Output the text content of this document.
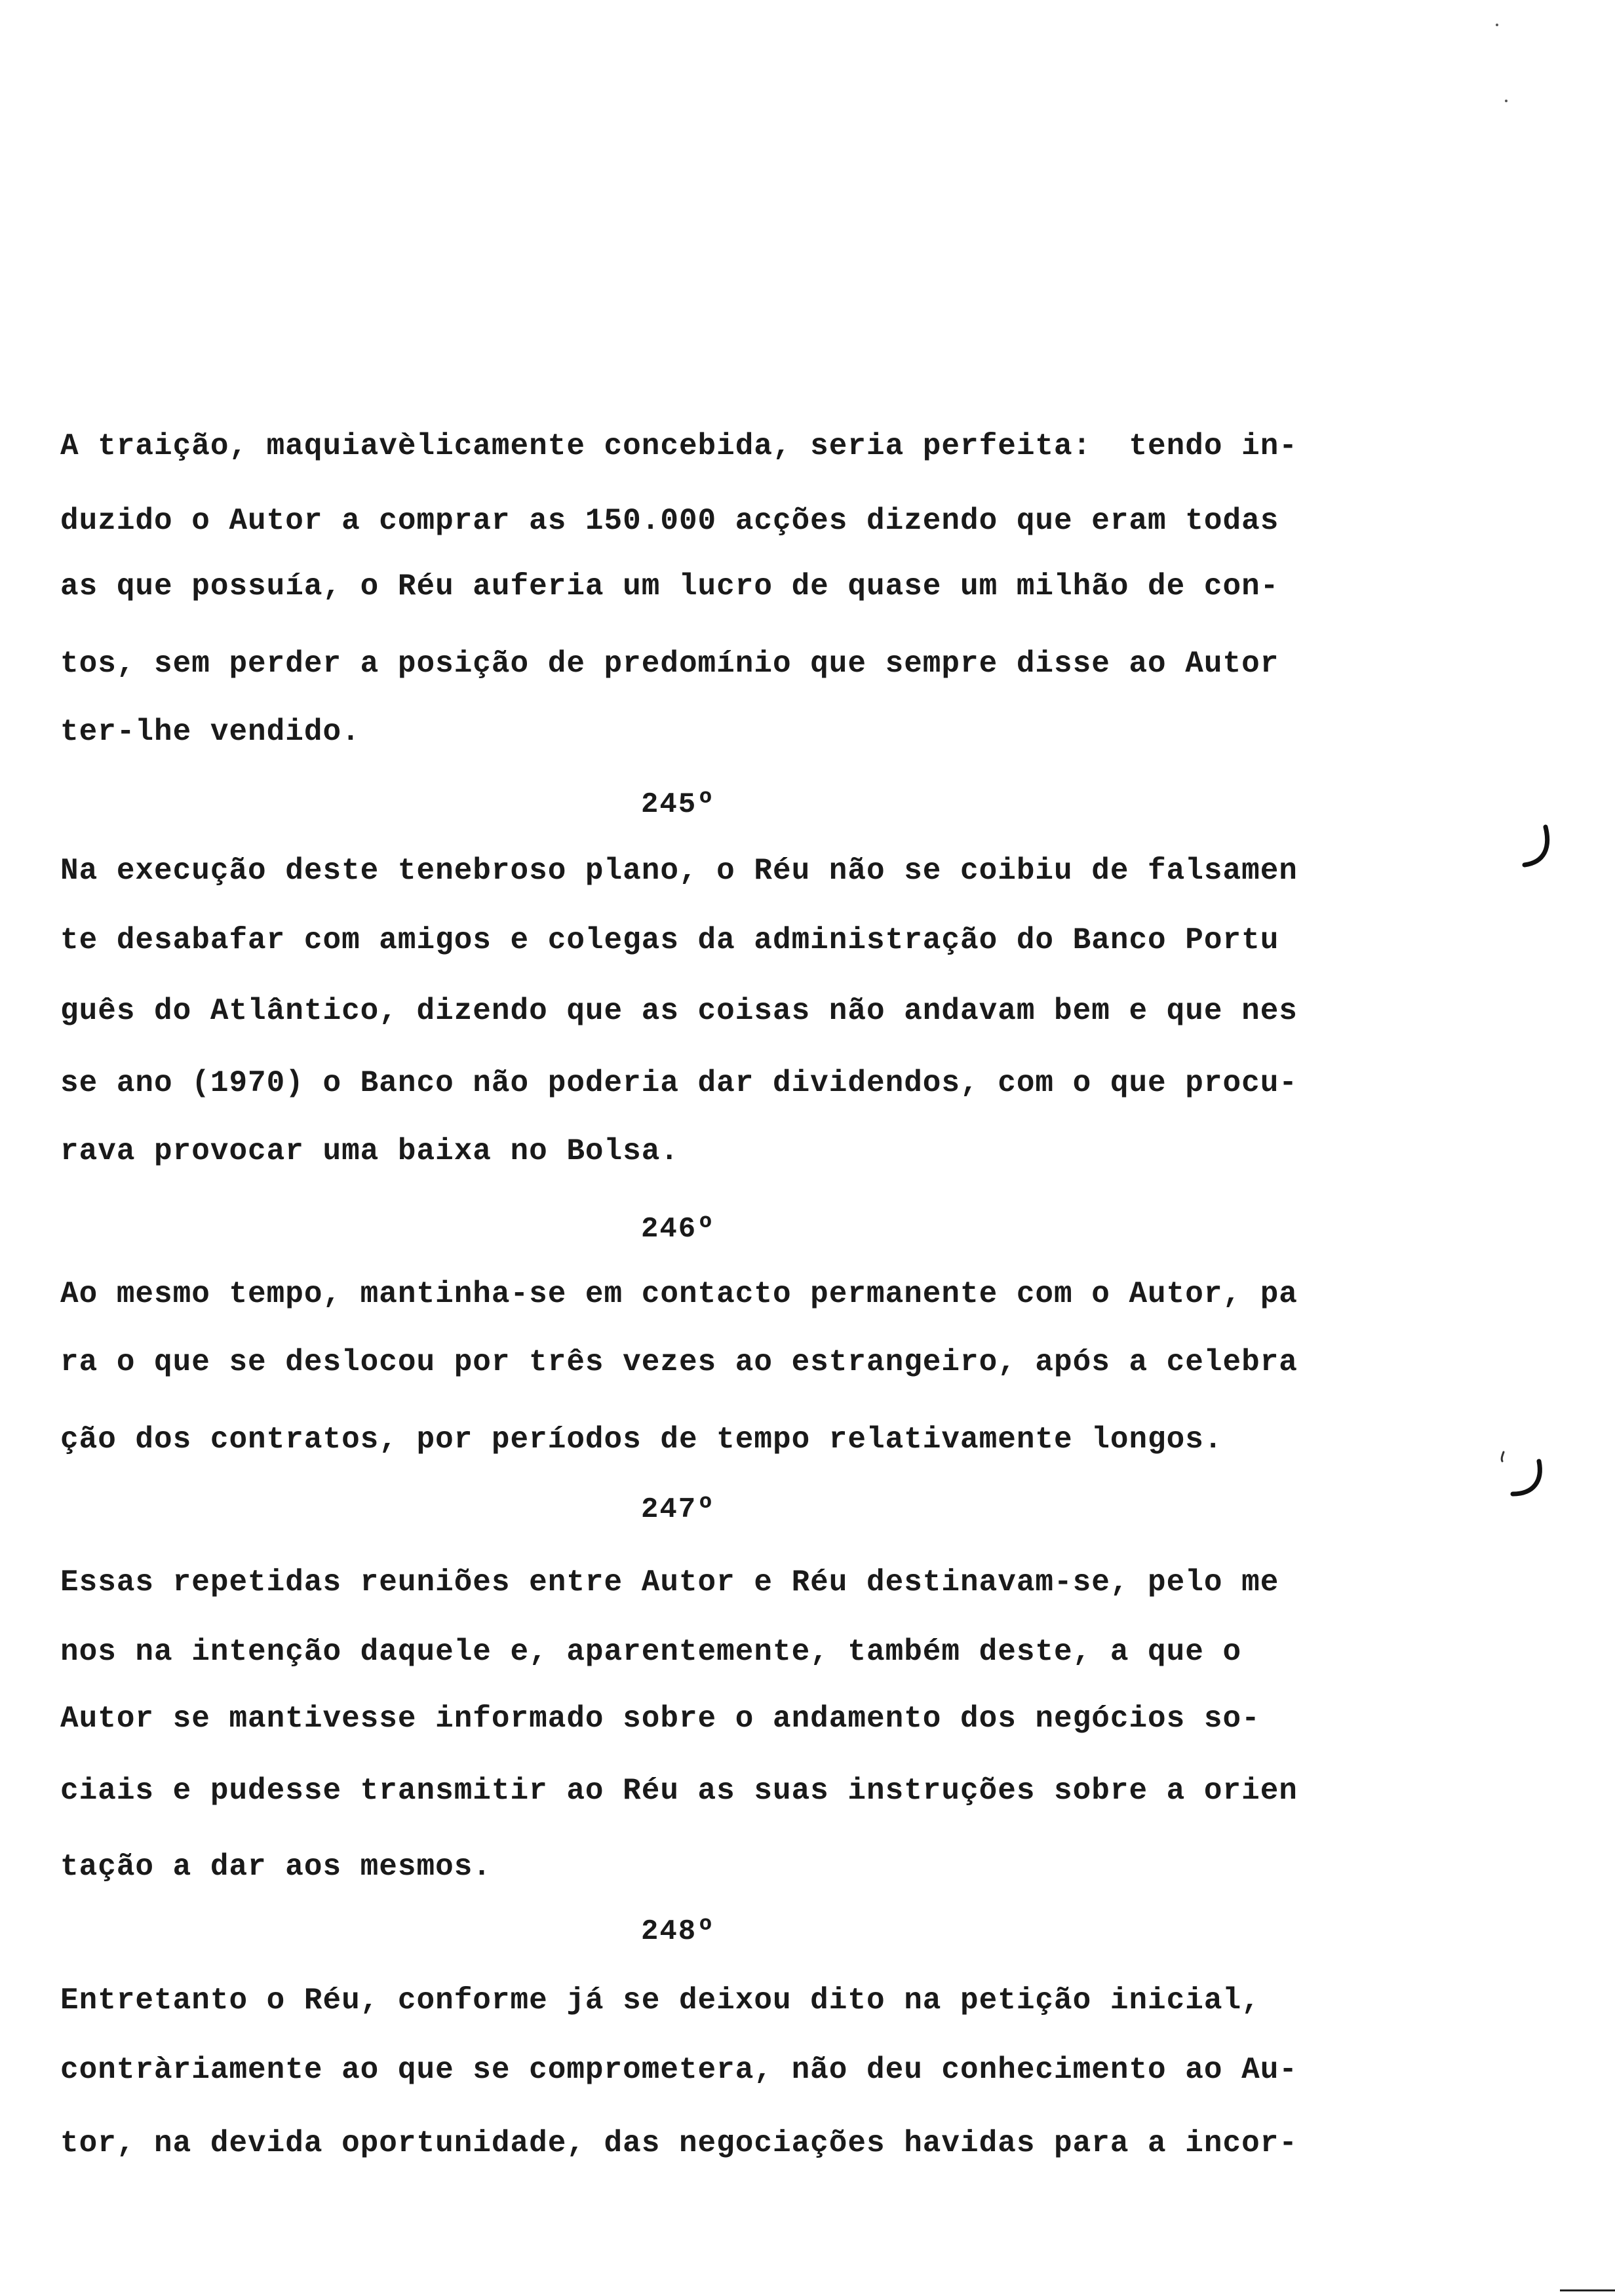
A traição, maquiavèlicamente concebida, seria perfeita:  tendo in-
duzido o Autor a comprar as 150.000 acções dizendo que eram todas
as que possuía, o Réu auferia um lucro de quase um milhão de con-
tos, sem perder a posição de predomínio que sempre disse ao Autor
ter-lhe vendido.
245º
Na execução deste tenebroso plano, o Réu não se coibiu de falsamen
te desabafar com amigos e colegas da administração do Banco Portu
guês do Atlântico, dizendo que as coisas não andavam bem e que nes
se ano (1970) o Banco não poderia dar dividendos, com o que procu-
rava provocar uma baixa no Bolsa.
246º
Ao mesmo tempo, mantinha-se em contacto permanente com o Autor, pa
ra o que se deslocou por três vezes ao estrangeiro, após a celebra
ção dos contratos, por períodos de tempo relativamente longos.
247º
Essas repetidas reuniões entre Autor e Réu destinavam-se, pelo me
nos na intenção daquele e, aparentemente, também deste, a que o
Autor se mantivesse informado sobre o andamento dos negócios so-
ciais e pudesse transmitir ao Réu as suas instruções sobre a orien
tação a dar aos mesmos.
248º
Entretanto o Réu, conforme já se deixou dito na petição inicial,
contràriamente ao que se comprometera, não deu conhecimento ao Au-
tor, na devida oportunidade, das negociações havidas para a incor-
